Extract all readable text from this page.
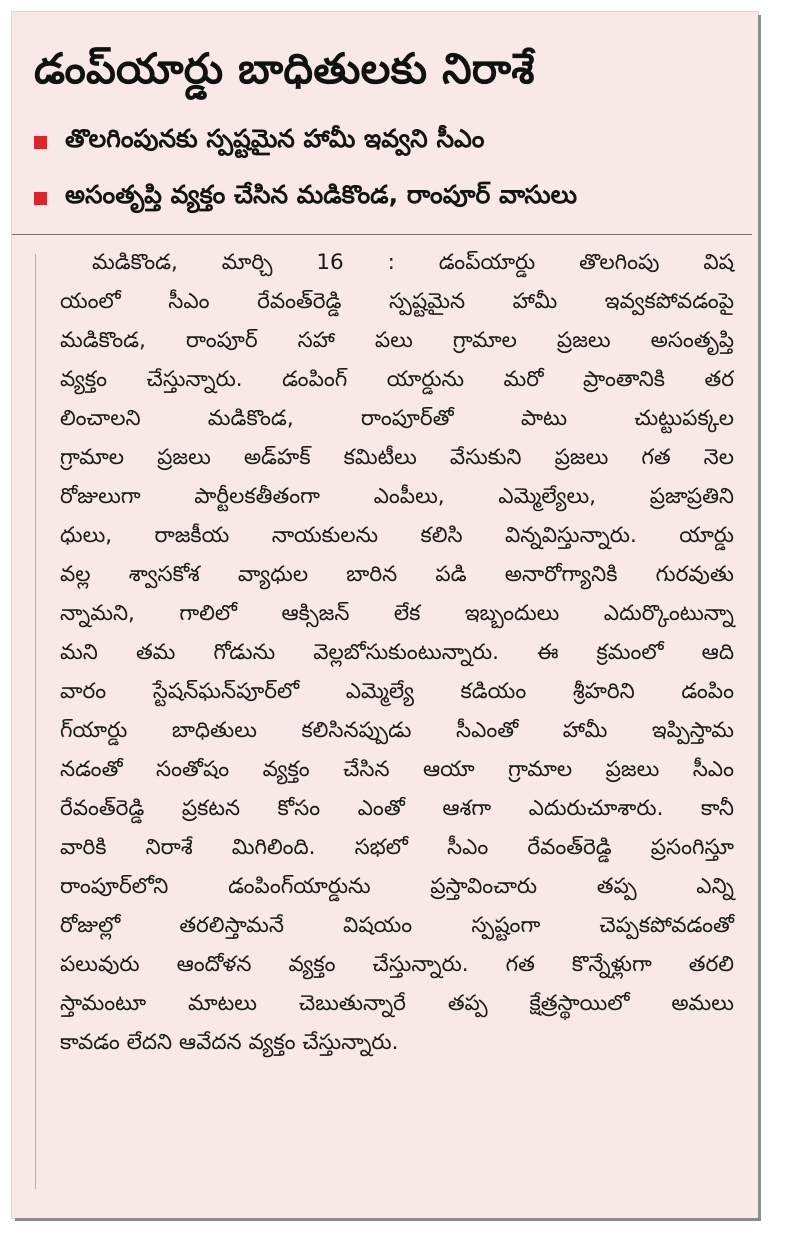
డంప్‌యార్డు బాధితులకు నిరాశే
తొలగింపునకు స్పష్టమైన హామీ ఇవ్వని సీఎం
అసంతృప్తి వ్యక్తం చేసిన మడికొండ, రాంపూర్ వాసులు
మడికొండ, మార్చి 16 : డంప్‌యార్డు తొలగింపు విష
యంలో సీఎం రేవంత్‌రెడ్డి స్పష్టమైన హామీ ఇవ్వకపోవడంపై
మడికొండ, రాంపూర్ సహా పలు గ్రామాల ప్రజలు అసంతృప్తి
వ్యక్తం చేస్తున్నారు. డంపింగ్ యార్డును మరో ప్రాంతానికి తర
లించాలని మడికొండ, రాంపూర్‌తో పాటు చుట్టుపక్కల
గ్రామాల ప్రజలు అడ్‌హక్ కమిటీలు వేసుకుని ప్రజలు గత నెల
రోజులుగా పార్టీలకతీతంగా ఎంపీలు, ఎమ్మెల్యేలు, ప్రజాప్రతిని
ధులు, రాజకీయ నాయకులను కలిసి విన్నవిస్తున్నారు. యార్డు
వల్ల శ్వాసకోశ వ్యాధుల బారిన పడి అనారోగ్యానికి గురవుతు
న్నామని, గాలిలో ఆక్సిజన్ లేక ఇబ్బందులు ఎదుర్కొంటున్నా
మని తమ గోడును వెల్లబోసుకుంటున్నారు. ఈ క్రమంలో ఆది
వారం స్టేషన్‌ఘన్‌పూర్‌లో ఎమ్మెల్యే కడియం శ్రీహరిని డంపిం
గ్‌యార్డు బాధితులు కలిసినప్పుడు సీఎంతో హామీ ఇప్పిస్తామ
నడంతో సంతోషం వ్యక్తం చేసిన ఆయా గ్రామాల ప్రజలు సీఎం
రేవంత్‌రెడ్డి ప్రకటన కోసం ఎంతో ఆశగా ఎదురుచూశారు. కానీ
వారికి నిరాశే మిగిలింది. సభలో సీఎం రేవంత్‌రెడ్డి ప్రసంగిస్తూ
రాంపూర్‌లోని డంపింగ్‌యార్డును ప్రస్తావించారు తప్ప ఎన్ని
రోజుల్లో తరలిస్తామనే విషయం స్పష్టంగా చెప్పకపోవడంతో
పలువురు ఆందోళన వ్యక్తం చేస్తున్నారు. గత కొన్నేళ్లుగా తరలి
స్తామంటూ మాటలు చెబుతున్నారే తప్ప క్షేత్రస్థాయిలో అమలు
కావడం లేదని ఆవేదన వ్యక్తం చేస్తున్నారు.
